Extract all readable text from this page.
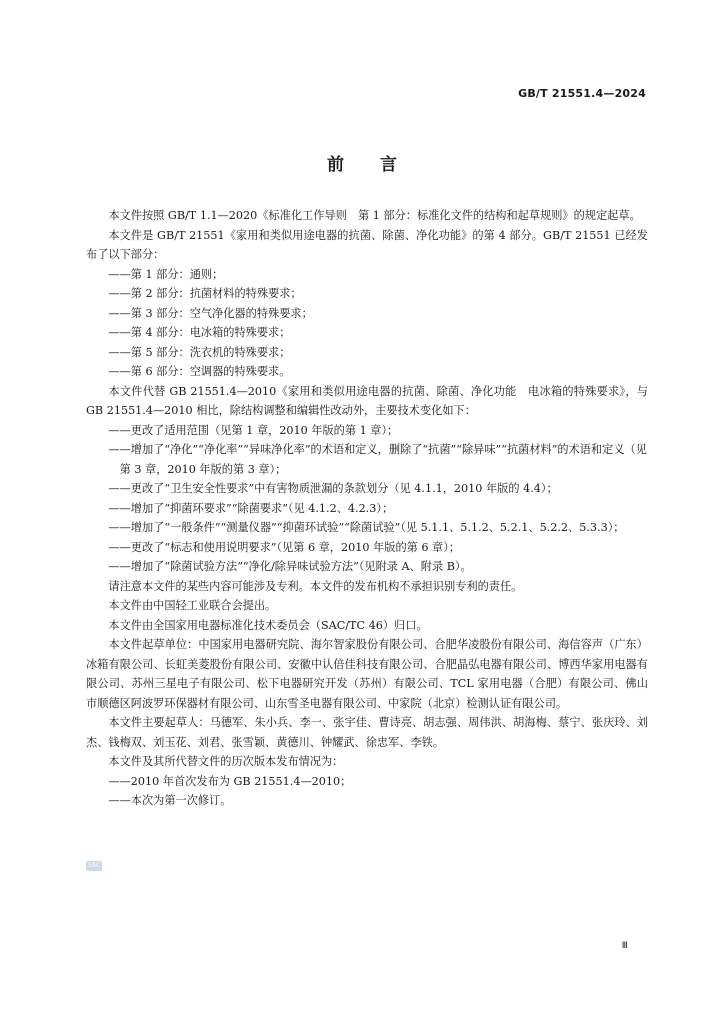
GB/T 21551.4—2024
前言

本文件按照 GB/T 1.1—2020《标准化工作导则　第 1 部分：标准化文件的结构和起草规则》的规定起草。

本文件是 GB/T 21551《家用和类似用途电器的抗菌、除菌、净化功能》的第 4 部分。GB/T 21551 已经发布了以下部分：

——第 1 部分：通则；

——第 2 部分：抗菌材料的特殊要求；

——第 3 部分：空气净化器的特殊要求；

——第 4 部分：电冰箱的特殊要求；

——第 5 部分：洗衣机的特殊要求；

——第 6 部分：空调器的特殊要求。

本文件代替 GB 21551.4—2010《家用和类似用途电器的抗菌、除菌、净化功能　电冰箱的特殊要求》，与 GB 21551.4—2010 相比，除结构调整和编辑性改动外，主要技术变化如下：

——更改了适用范围（见第 1 章，2010 年版的第 1 章）；

——增加了“净化”“净化率”“异味净化率”的术语和定义，删除了“抗菌”“除异味”“抗菌材料”的术语和定义（见第 3 章，2010 年版的第 3 章）；

——更改了“卫生安全性要求”中有害物质泄漏的条款划分（见 4.1.1，2010 年版的 4.4）；

——增加了“抑菌环要求”“除菌要求”（见 4.1.2、4.2.3）；

——增加了“一般条件”“测量仪器”“抑菌环试验”“除菌试验”（见 5.1.1、5.1.2、5.2.1、5.2.2、5.3.3）；

——更改了“标志和使用说明要求”（见第 6 章，2010 年版的第 6 章）；

——增加了“除菌试验方法”“净化/除异味试验方法”（见附录 A、附录 B）。

请注意本文件的某些内容可能涉及专利。本文件的发布机构不承担识别专利的责任。

本文件由中国轻工业联合会提出。

本文件由全国家用电器标准化技术委员会（SAC/TC 46）归口。

本文件起草单位：中国家用电器研究院、海尔智家股份有限公司、合肥华凌股份有限公司、海信容声（广东）冰箱有限公司、长虹美菱股份有限公司、安徽中认倍佳科技有限公司、合肥晶弘电器有限公司、博西华家用电器有限公司、苏州三星电子有限公司、松下电器研究开发（苏州）有限公司、TCL 家用电器（合肥）有限公司、佛山市顺德区阿波罗环保器材有限公司、山东雪圣电器有限公司、中家院（北京）检测认证有限公司。

本文件主要起草人：马德军、朱小兵、李一、张宇佳、曹诗亮、胡志强、周伟洪、胡海梅、蔡宁、张庆玲、刘杰、钱梅双、刘玉花、刘君、张雪颖、黄德川、钟耀武、徐忠军、李铁。

本文件及其所代替文件的历次版本发布情况为：

——2010 年首次发布为 GB 21551.4—2010；

——本次为第一次修订。

SAC
Ⅲ
